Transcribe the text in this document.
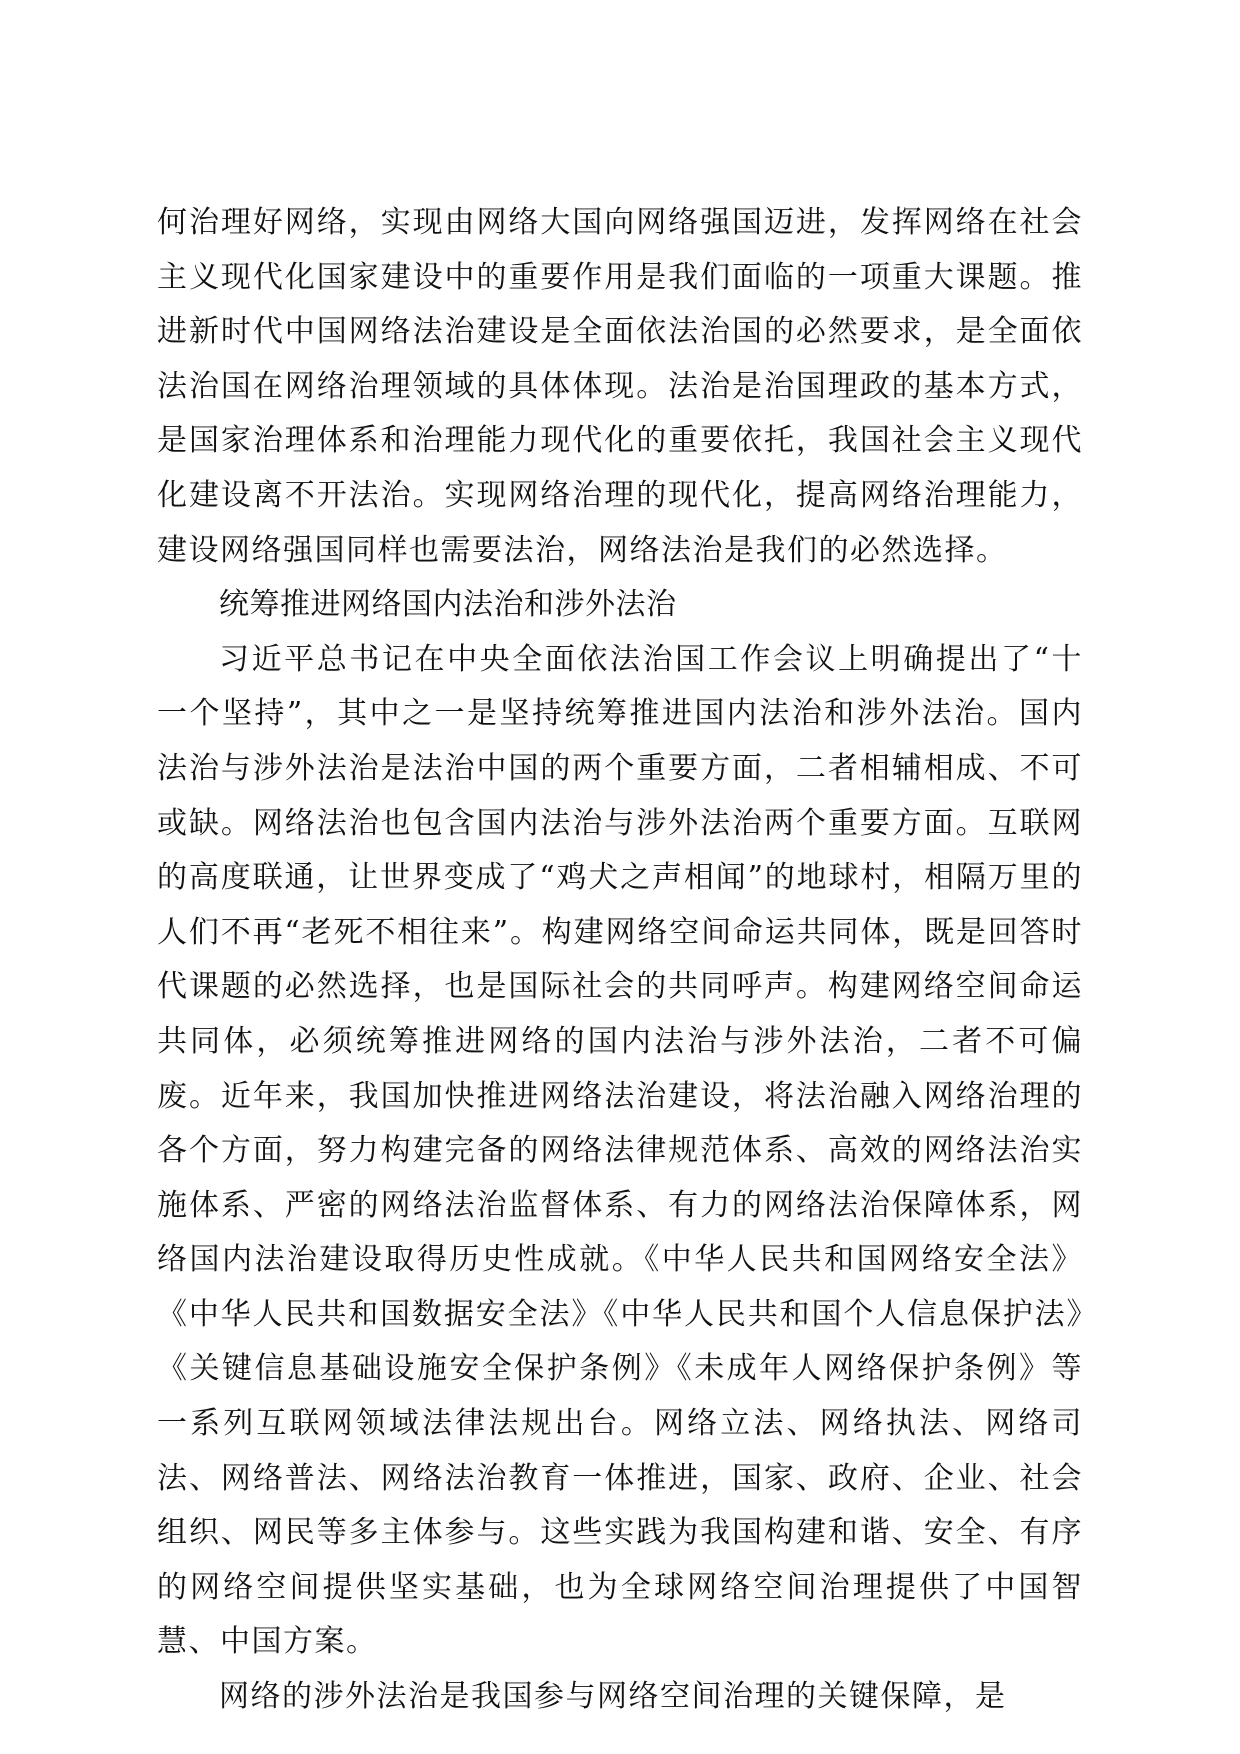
何治理好网络，实现由网络大国向网络强国迈进，发挥网络在社会主义现代化国家建设中的重要作用是我们面临的一项重大课题。推进新时代中国网络法治建设是全面依法治国的必然要求，是全面依法治国在网络治理领域的具体体现。法治是治国理政的基本方式，是国家治理体系和治理能力现代化的重要依托，我国社会主义现代化建设离不开法治。实现网络治理的现代化，提高网络治理能力，建设网络强国同样也需要法治，网络法治是我们的必然选择。

统筹推进网络国内法治和涉外法治

习近平总书记在中央全面依法治国工作会议上明确提出了“十一个坚持”，其中之一是坚持统筹推进国内法治和涉外法治。国内法治与涉外法治是法治中国的两个重要方面，二者相辅相成、不可或缺。网络法治也包含国内法治与涉外法治两个重要方面。互联网的高度联通，让世界变成了“鸡犬之声相闻”的地球村，相隔万里的人们不再“老死不相往来”。构建网络空间命运共同体，既是回答时代课题的必然选择，也是国际社会的共同呼声。构建网络空间命运共同体，必须统筹推进网络的国内法治与涉外法治，二者不可偏废。近年来，我国加快推进网络法治建设，将法治融入网络治理的各个方面，努力构建完备的网络法律规范体系、高效的网络法治实施体系、严密的网络法治监督体系、有力的网络法治保障体系，网络国内法治建设取得历史性成就。《中华人民共和国网络安全法》《中华人民共和国数据安全法》《中华人民共和国个人信息保护法》《关键信息基础设施安全保护条例》《未成年人网络保护条例》等一系列互联网领域法律法规出台。网络立法、网络执法、网络司法、网络普法、网络法治教育一体推进，国家、政府、企业、社会组织、网民等多主体参与。这些实践为我国构建和谐、安全、有序的网络空间提供坚实基础，也为全球网络空间治理提供了中国智慧、中国方案。

网络的涉外法治是我国参与网络空间治理的关键保障，是
